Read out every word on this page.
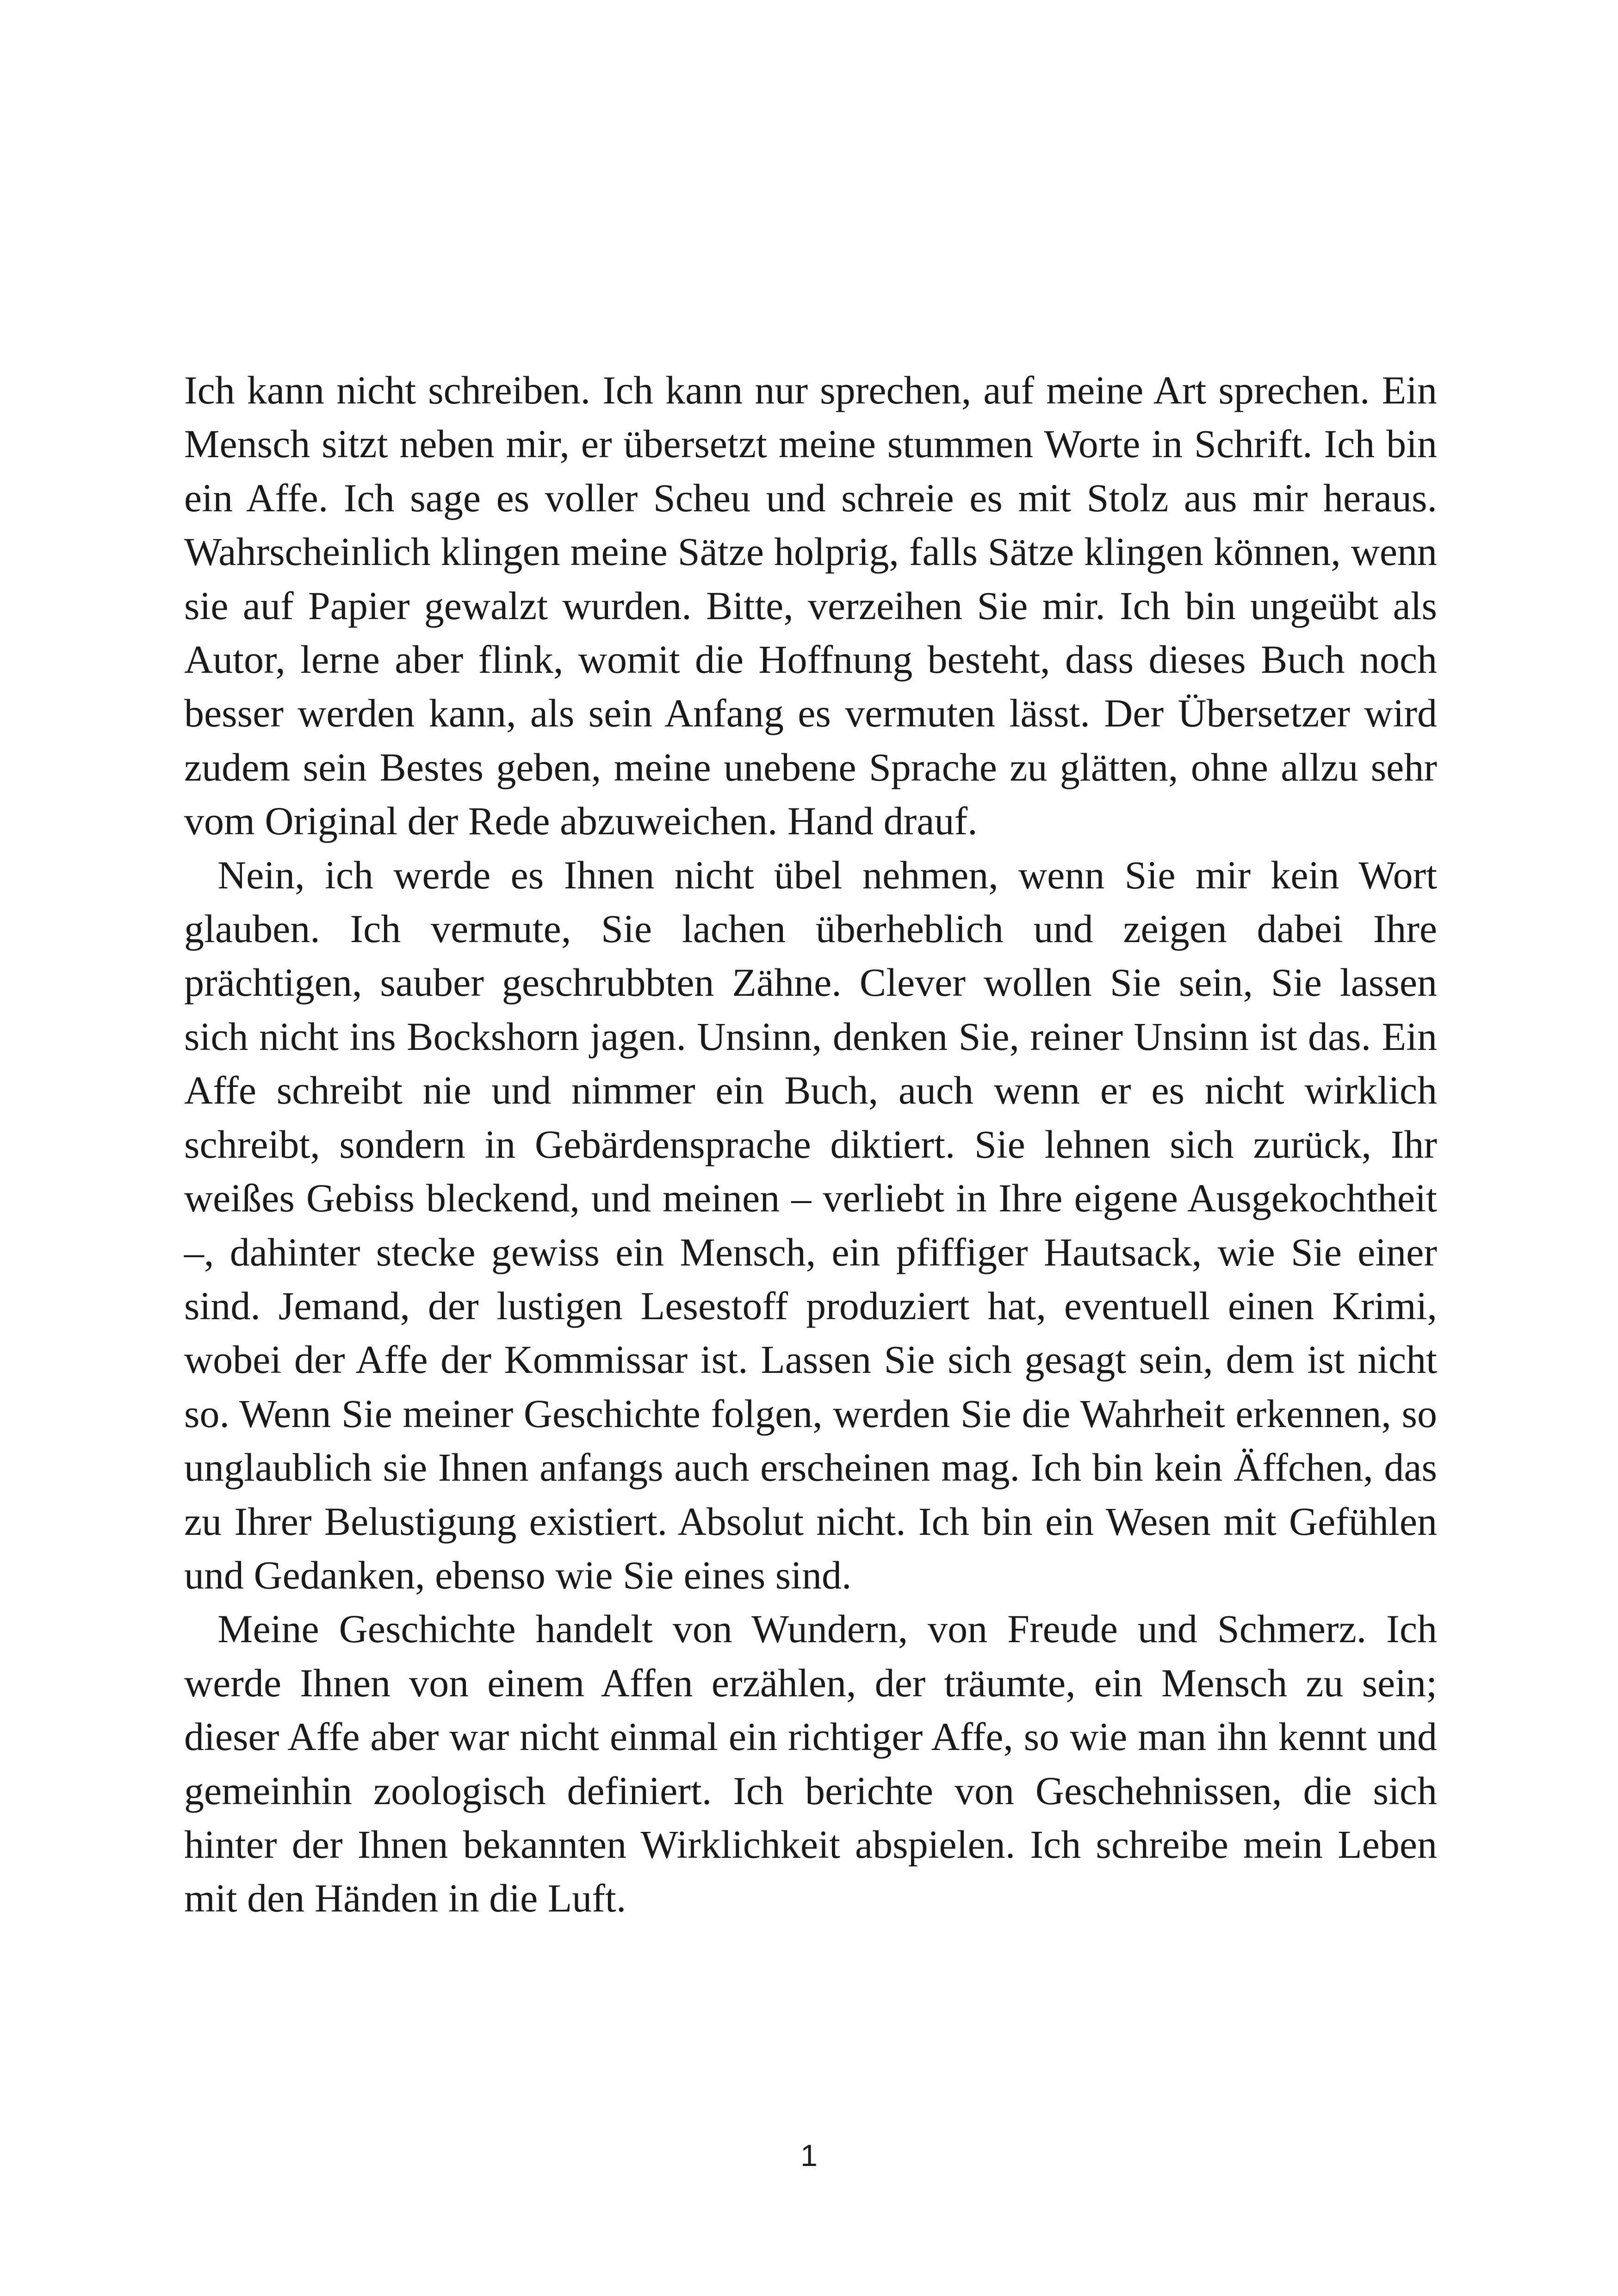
Ich kann nicht schreiben. Ich kann nur sprechen, auf meine Art sprechen. Ein Mensch sitzt neben mir, er übersetzt meine stummen Worte in Schrift. Ich bin ein Affe. Ich sage es voller Scheu und schreie es mit Stolz aus mir heraus. Wahrscheinlich klingen meine Sätze holprig, falls Sätze klingen können, wenn sie auf Papier gewalzt wurden. Bitte, verzeihen Sie mir. Ich bin ungeübt als Autor, lerne aber flink, womit die Hoffnung besteht, dass dieses Buch noch besser werden kann, als sein Anfang es vermuten lässt. Der Übersetzer wird zudem sein Bestes geben, meine unebene Sprache zu glätten, ohne allzu sehr vom Original der Rede abzuweichen. Hand drauf.

Nein, ich werde es Ihnen nicht übel nehmen, wenn Sie mir kein Wort glauben. Ich vermute, Sie lachen überheblich und zeigen dabei Ihre prächtigen, sauber geschrubbten Zähne. Clever wollen Sie sein, Sie lassen sich nicht ins Bockshorn jagen. Unsinn, denken Sie, reiner Unsinn ist das. Ein Affe schreibt nie und nimmer ein Buch, auch wenn er es nicht wirklich schreibt, sondern in Gebärdensprache diktiert. Sie lehnen sich zurück, Ihr weißes Gebiss bleckend, und meinen – verliebt in Ihre eigene Ausgekochtheit –, dahinter stecke gewiss ein Mensch, ein pfiffiger Hautsack, wie Sie einer sind. Jemand, der lustigen Lesestoff produziert hat, eventuell einen Krimi, wobei der Affe der Kommissar ist. Lassen Sie sich gesagt sein, dem ist nicht so. Wenn Sie meiner Geschichte folgen, werden Sie die Wahrheit erkennen, so unglaublich sie Ihnen anfangs auch erscheinen mag. Ich bin kein Äffchen, das zu Ihrer Belustigung existiert. Absolut nicht. Ich bin ein Wesen mit Gefühlen und Gedanken, ebenso wie Sie eines sind.

Meine Geschichte handelt von Wundern, von Freude und Schmerz. Ich werde Ihnen von einem Affen erzählen, der träumte, ein Mensch zu sein; dieser Affe aber war nicht einmal ein richtiger Affe, so wie man ihn kennt und gemeinhin zoologisch definiert. Ich berichte von Geschehnissen, die sich hinter der Ihnen bekannten Wirklichkeit abspielen. Ich schreibe mein Leben mit den Händen in die Luft.

1
